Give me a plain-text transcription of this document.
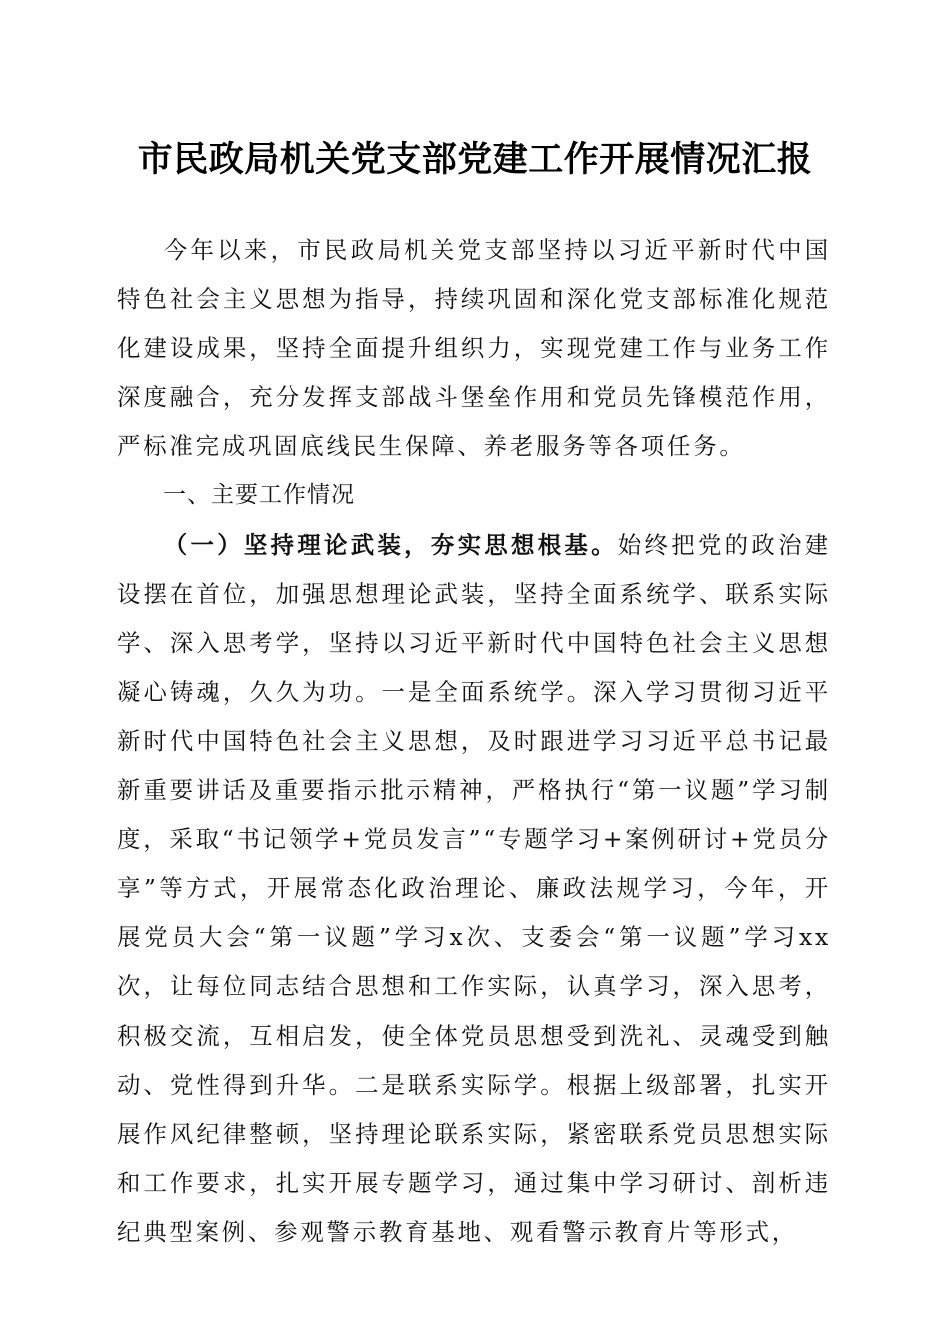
市民政局机关党支部党建工作开展情况汇报

今年以来，市民政局机关党支部坚持以习近平新时代中国特色社会主义思想为指导，持续巩固和深化党支部标准化规范化建设成果，坚持全面提升组织力，实现党建工作与业务工作深度融合，充分发挥支部战斗堡垒作用和党员先锋模范作用，严标准完成巩固底线民生保障、养老服务等各项任务。

一、主要工作情况

（一）坚持理论武装，夯实思想根基。始终把党的政治建设摆在首位，加强思想理论武装，坚持全面系统学、联系实际学、深入思考学，坚持以习近平新时代中国特色社会主义思想凝心铸魂，久久为功。一是全面系统学。深入学习贯彻习近平新时代中国特色社会主义思想，及时跟进学习习近平总书记最新重要讲话及重要指示批示精神，严格执行“第一议题”学习制度，采取“书记领学+党员发言”“专题学习+案例研讨+党员分享”等方式，开展常态化政治理论、廉政法规学习，今年，开展党员大会“第一议题”学习x次、支委会“第一议题”学习xx次，让每位同志结合思想和工作实际，认真学习，深入思考，积极交流，互相启发，使全体党员思想受到洗礼、灵魂受到触动、党性得到升华。二是联系实际学。根据上级部署，扎实开展作风纪律整顿，坚持理论联系实际，紧密联系党员思想实际和工作要求，扎实开展专题学习，通过集中学习研讨、剖析违纪典型案例、参观警示教育基地、观看警示教育片等形式，
